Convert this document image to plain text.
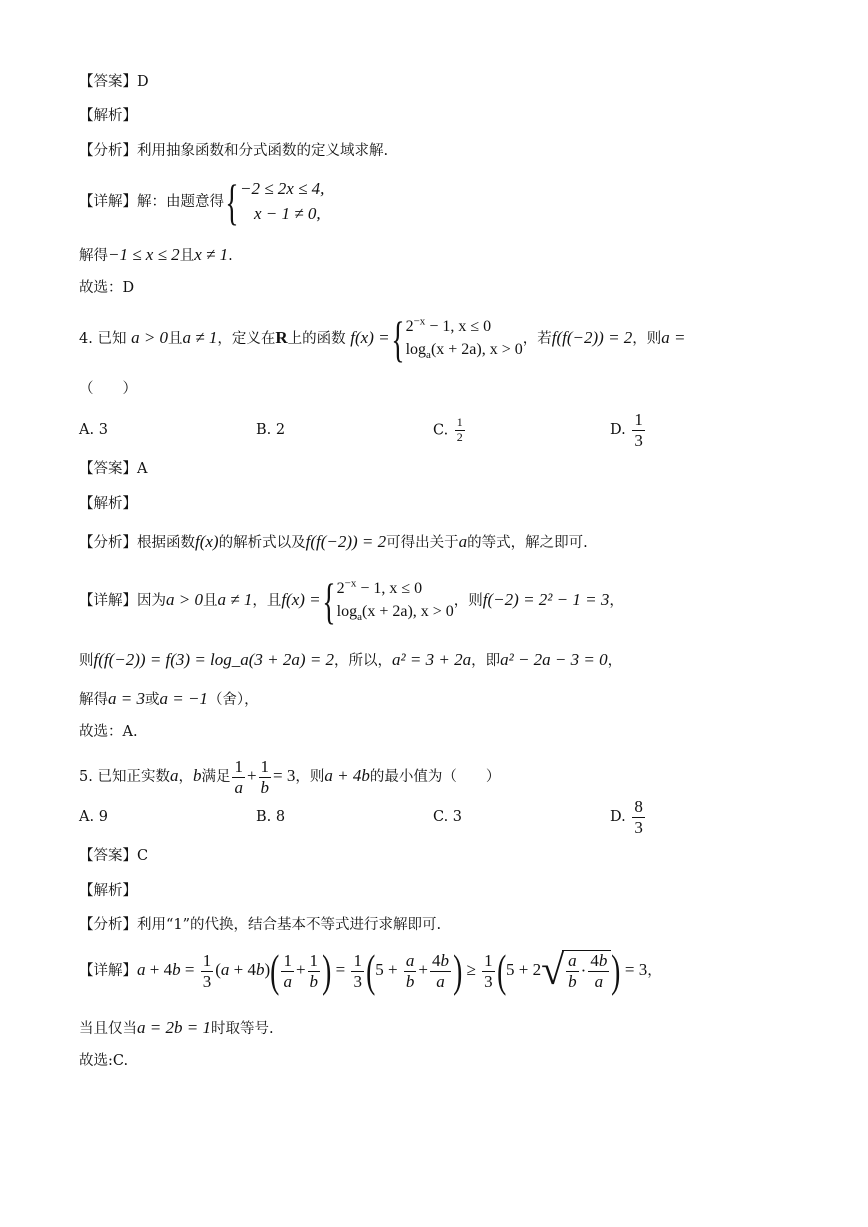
【答案】D
【解析】
【分析】利用抽象函数和分式函数的定义域求解.
【详解】解：由题意得{−2 ≤ 2x ≤ 4,
x − 1 ≠ 0,
解得−1 ≤ x ≤ 2且x ≠ 1.
故选：D
4. 已知 a > 0且a ≠ 1，定义在R上的函数 $f(x) =\{2^{-x} - 1$, x ≤ 0
$\log_a(x + 2a)$, x > 0，若f(f(−2)) = 2，则a =
（　　）
A. 3	B. 2	C. $\frac{1}{2}$	D. $\frac{1}{3}$
【答案】A
【解析】
【分析】根据函数f(x)的解析式以及f(f(−2)) = 2可得出关于a的等式，解之即可.
【详解】因为a > 0且a ≠ 1，且$f(x) =\{2^{-x} - 1$, x ≤ 0
$\log_a(x + 2a)$, x > 0，则f(−2) = 2² − 1 = 3，
则f(f(−2)) = f(3) = log_a(3 + 2a) = 2，所以，a² = 3 + 2a，即a² − 2a − 3 = 0，
解得a = 3或a = −1（舍），
故选：A.
5. 已知正实数a，b满足 $\frac{1}{a} + \frac{1}{b} = 3$，则a + 4b的最小值为（　　）
A. 9	B. 8	C. 3	D. $\frac{8}{3}$
【答案】C
【解析】
【分析】利用“1”的代换，结合基本不等式进行求解即可.
【详解】$a + 4b = \frac{1}{3} (a + 4b)( \frac{1}{a} + \frac{1}{b}$ ) = $\frac{1}{3} (5 + \frac{a}{b} + \frac{4b}{a}$ ) ≥ $\frac{1}{3} (5 + 2$ √ $\frac{a}{b} \cdot \frac{4b}{a}$ ) = 3，
当且仅当a = 2b = 1时取等号.
故选:C.
